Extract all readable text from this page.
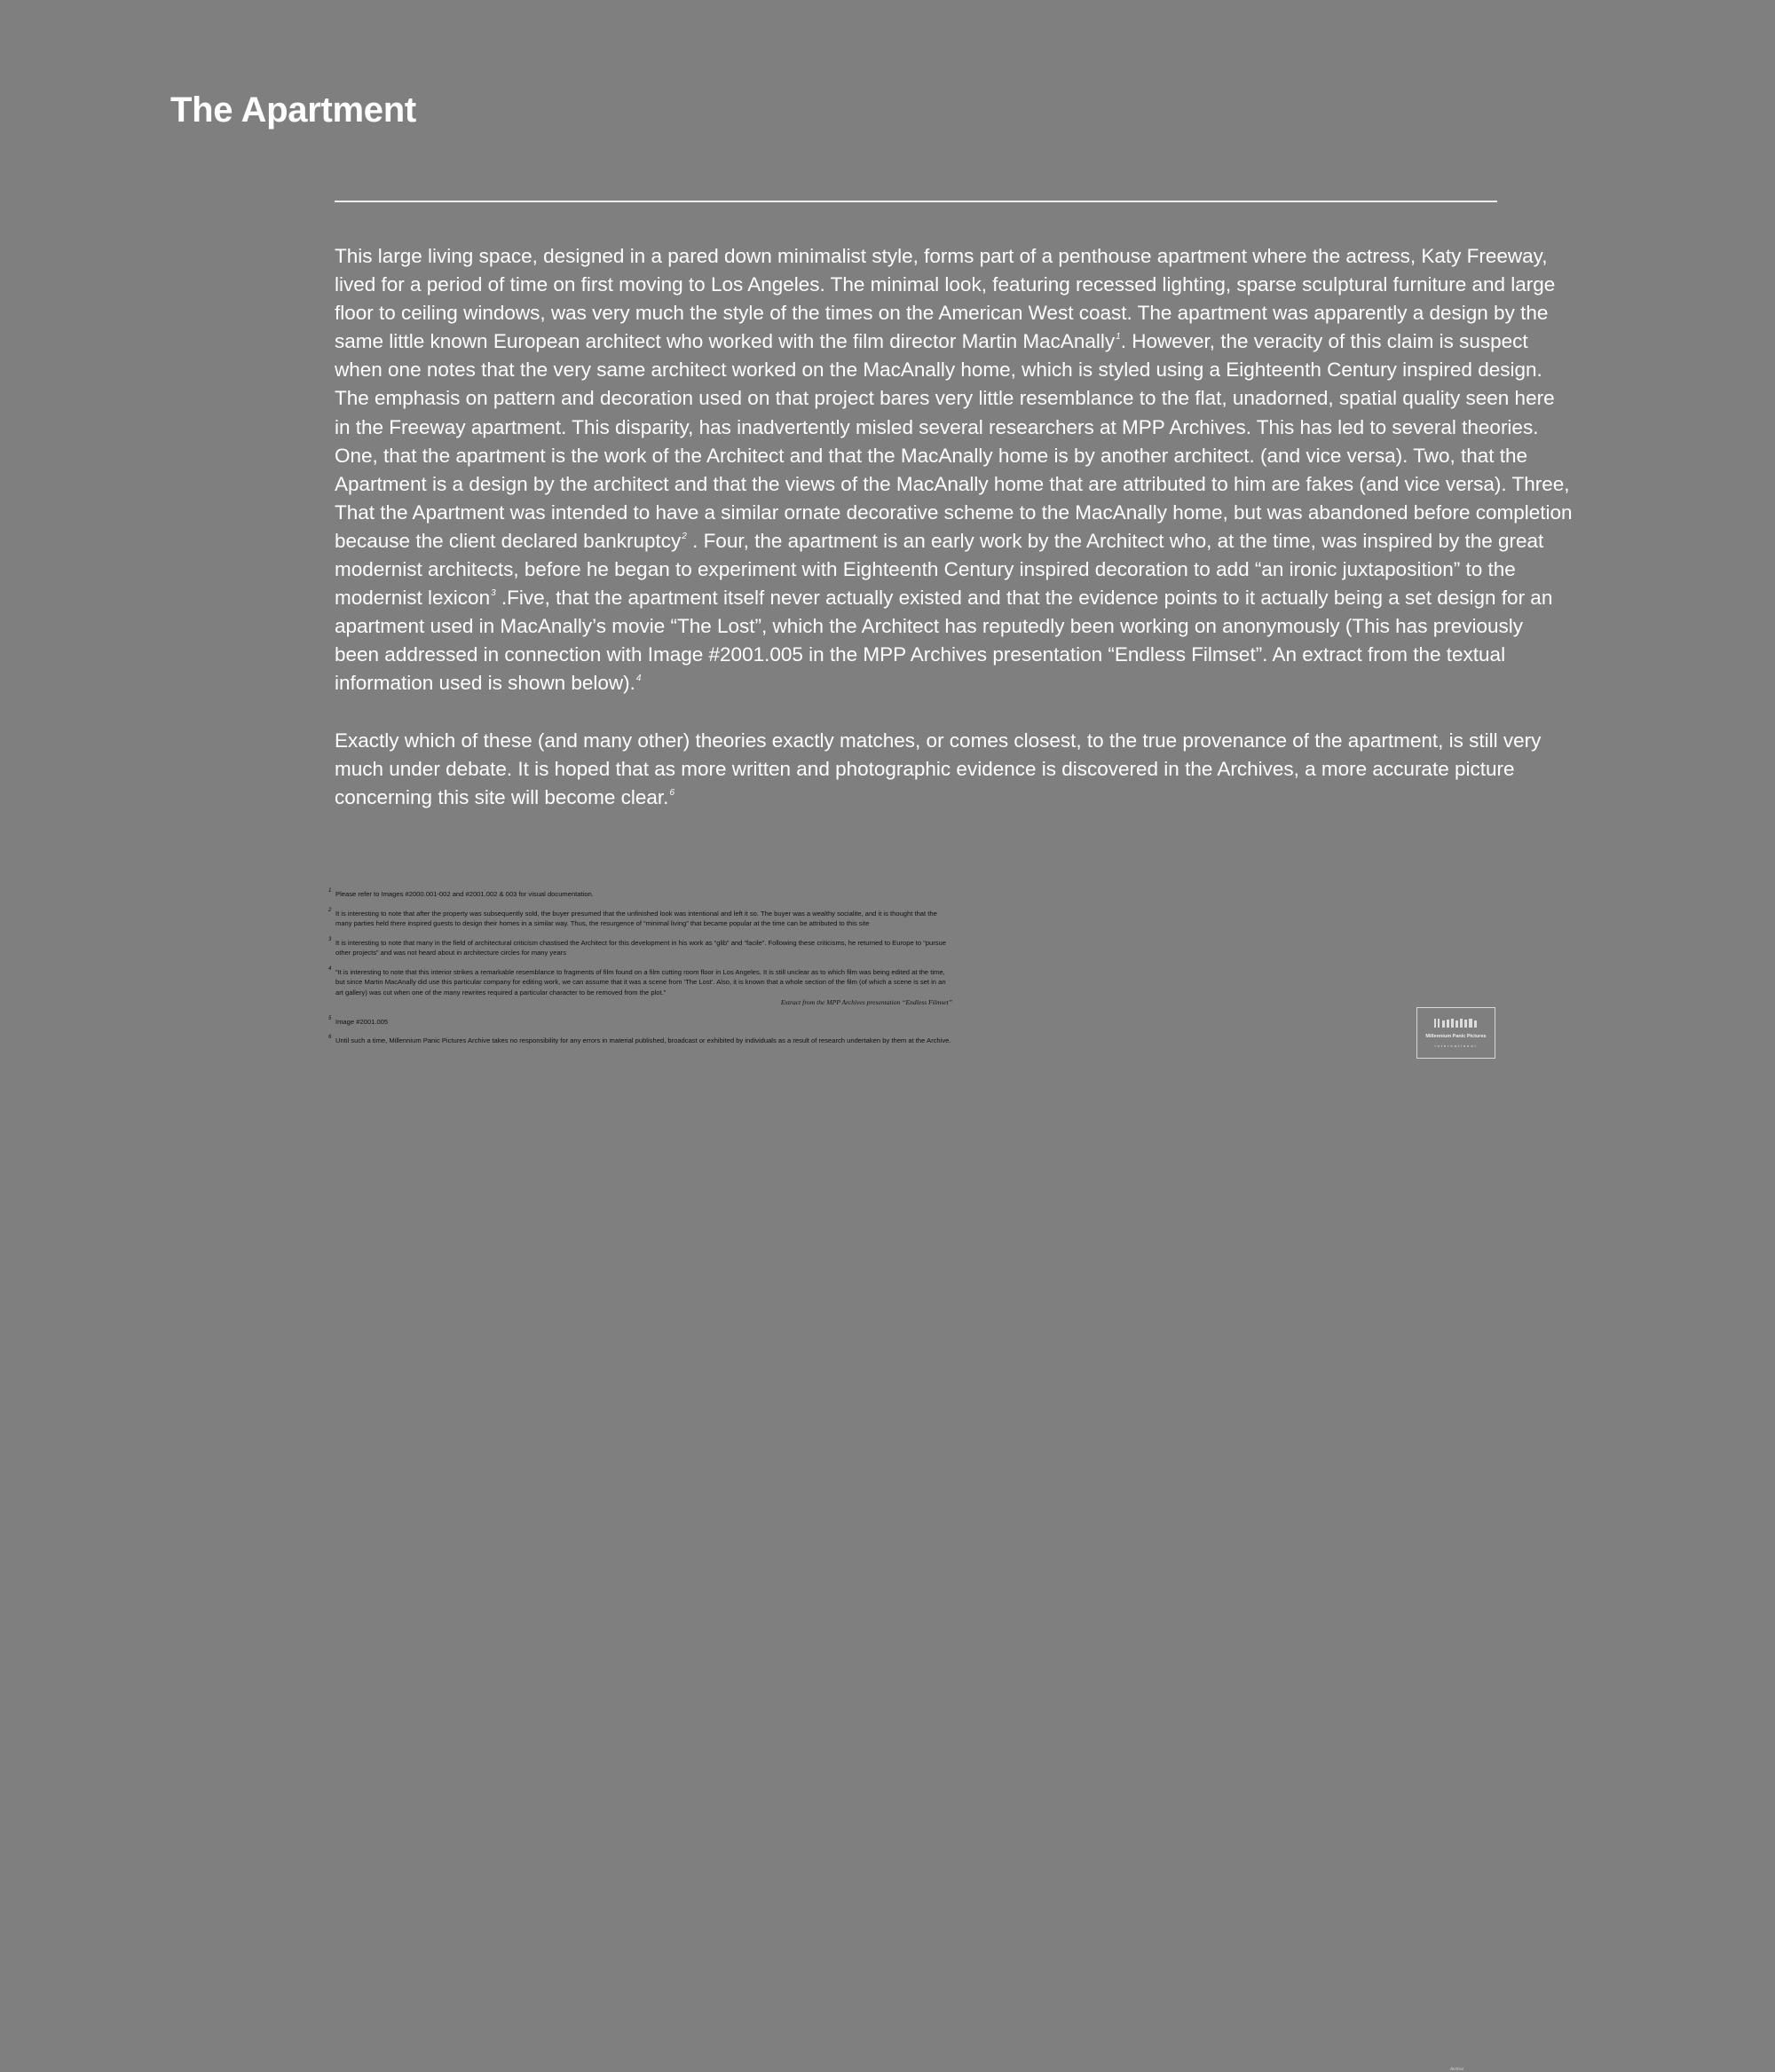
The Apartment

This large living space, designed in a pared down minimalist style, forms part of a penthouse apartment where the actress, Katy Freeway, lived for a period of time on first moving to Los Angeles. The minimal look, featuring recessed lighting, sparse sculptural furniture and large floor to ceiling windows, was very much the style of the times on the American West coast. The apartment was apparently a design by the same little known European architect who worked with the film director Martin MacAnally$^1$. However, the veracity of this claim is suspect when one notes that the very same architect worked on the MacAnally home, which is styled using a Eighteenth Century inspired design. The emphasis on pattern and decoration used on that project bares very little resemblance to the flat, unadorned, spatial quality seen here in the Freeway apartment. This disparity, has inadvertently misled several researchers at MPP Archives. This has led to several theories. One, that the apartment is the work of the Architect and that the MacAnally home is by another architect. (and vice versa). Two, that the Apartment is a design by the architect and that the views of the MacAnally home that are attributed to him are fakes (and vice versa). Three, That the Apartment was intended to have a similar ornate decorative scheme to the MacAnally home, but was abandoned before completion because the client declared bankruptcy$^2$ . Four, the apartment is an early work by the Architect who, at the time, was inspired by the great modernist architects, before he began to experiment with Eighteenth Century inspired decoration to add “an ironic juxtaposition” to the modernist lexicon$^3$ .Five, that the apartment itself never actually existed and that the evidence points to it actually being a set design for an apartment used in MacAnally’s movie “The Lost”, which the Architect has reputedly been working on anonymously (This has previously been addressed in connection with Image #2001.005 in the MPP Archives presentation “Endless Filmset”. An extract from the textual information used is shown below).$^4$

Exactly which of these (and many other) theories exactly matches, or comes closest, to the true provenance of the apartment, is still very much under debate. It is hoped that as more written and photographic evidence is discovered in the Archives, a more accurate picture concerning this site will become clear.$^6$

1 Please refer to Images #2000.001-002 and #2001.002 & 003 for visual documentation.
2 It is interesting to note that after the property was subsequently sold, the buyer presumed that the unfinished look was intentional and left it so. The buyer was a wealthy socialite, and it is thought that the many parties held there inspired guests to design their homes in a similar way. Thus, the resurgence of “minimal living” that became popular at the time can be attributed to this site
3 It is interesting to note that many in the field of architectural criticism chastised the Architect for this development in his work as “glib” and “facile”. Following these criticisms, he returned to Europe to “pursue other projects” and was not heard about in architecture circles for many years
4 “It is interesting to note that this interior strikes a remarkable resemblance to fragments of film found on a film cutting room floor in Los Angeles. It is still unclear as to which film was being edited at the time, but since Martin MacAnally did use this particular company for editing work, we can assume that it was a scene from ‘The Lost’. Also, it is known that a whole section of the film (of which a scene is set in an art gallery) was cut when one of the many rewrites required a particular character to be removed from the plot.”
Extract from the MPP Archives presentation “Endless Filmset”
5 Image #2001.005
6 Until such a time, Millennium Panic Pictures Archive takes no responsibility for any errors in material published, broadcast or exhibited by individuals as a result of research undertaken by them at the Archive.	Millennium Panic Pictures
International
Archive
